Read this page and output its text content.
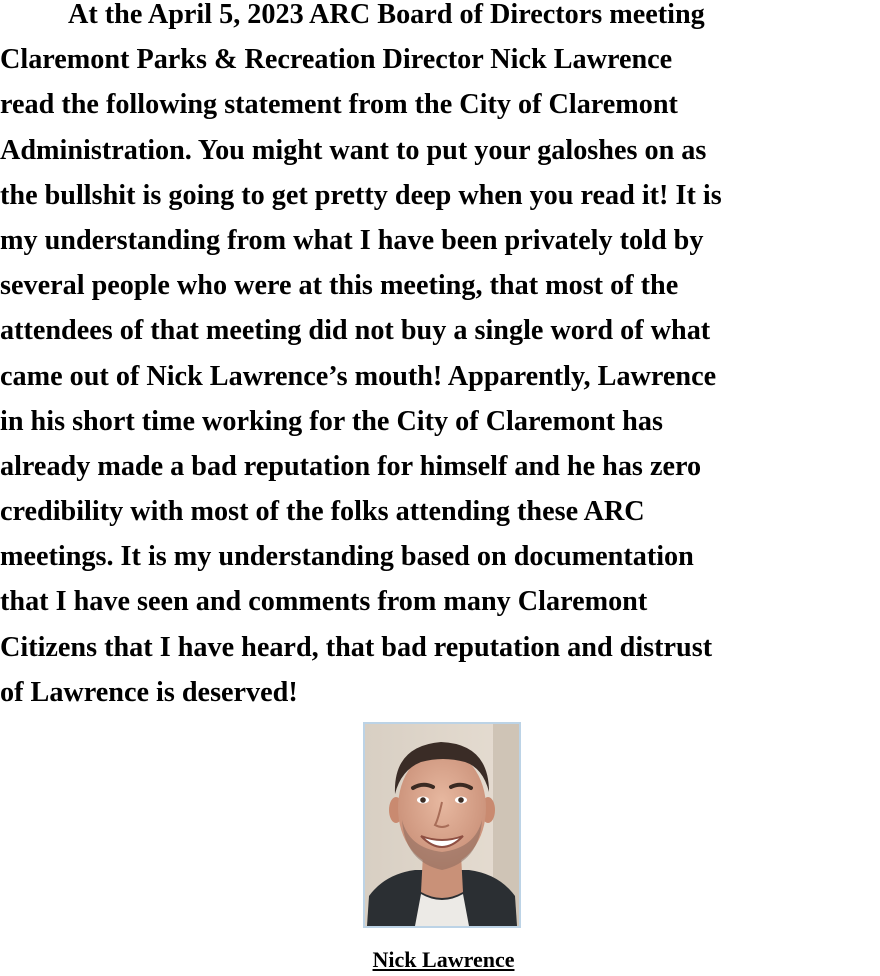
At the April 5, 2023 ARC Board of Directors meeting
Claremont Parks & Recreation Director Nick Lawrence
read the following statement from the City of Claremont
Administration. You might want to put your galoshes on as
the bullshit is going to get pretty deep when you read it! It is
my understanding from what I have been privately told by
several people who were at this meeting, that most of the
attendees of that meeting did not buy a single word of what
came out of Nick Lawrence’s mouth! Apparently, Lawrence
in his short time working for the City of Claremont has
already made a bad reputation for himself and he has zero
credibility with most of the folks attending these ARC
meetings. It is my understanding based on documentation
that I have seen and comments from many Claremont
Citizens that I have heard, that bad reputation and distrust
of Lawrence is deserved!

Nick Lawrence
